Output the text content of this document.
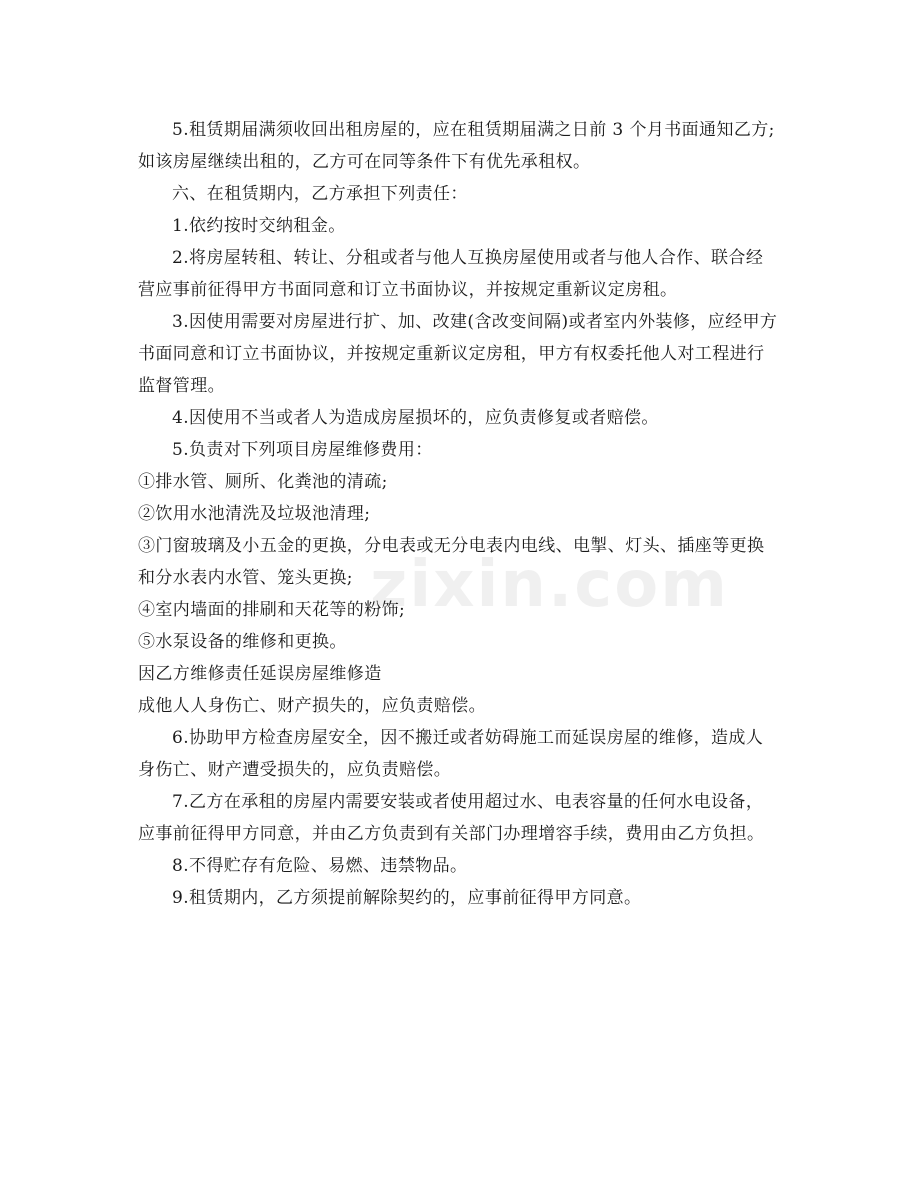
zixin.com

5.租赁期届满须收回出租房屋的，应在租赁期届满之日前 3 个月书面通知乙方;如该房屋继续出租的，乙方可在同等条件下有优先承租权。

六、在租赁期内，乙方承担下列责任：

1.依约按时交纳租金。

2.将房屋转租、转让、分租或者与他人互换房屋使用或者与他人合作、联合经营应事前征得甲方书面同意和订立书面协议，并按规定重新议定房租。

3.因使用需要对房屋进行扩、加、改建(含改变间隔)或者室内外装修，应经甲方书面同意和订立书面协议，并按规定重新议定房租，甲方有权委托他人对工程进行监督管理。

4.因使用不当或者人为造成房屋损坏的，应负责修复或者赔偿。

5.负责对下列项目房屋维修费用：

①排水管、厕所、化粪池的清疏;

②饮用水池清洗及垃圾池清理;

③门窗玻璃及小五金的更换，分电表或无分电表内电线、电掣、灯头、插座等更换和分水表内水管、笼头更换;

④室内墙面的排刷和天花等的粉饰;

⑤水泵设备的维修和更换。

因乙方维修责任延误房屋维修造

成他人人身伤亡、财产损失的，应负责赔偿。

6.协助甲方检查房屋安全，因不搬迁或者妨碍施工而延误房屋的维修，造成人身伤亡、财产遭受损失的，应负责赔偿。

7.乙方在承租的房屋内需要安装或者使用超过水、电表容量的任何水电设备，应事前征得甲方同意，并由乙方负责到有关部门办理增容手续，费用由乙方负担。

8.不得贮存有危险、易燃、违禁物品。

9.租赁期内，乙方须提前解除契约的，应事前征得甲方同意。
